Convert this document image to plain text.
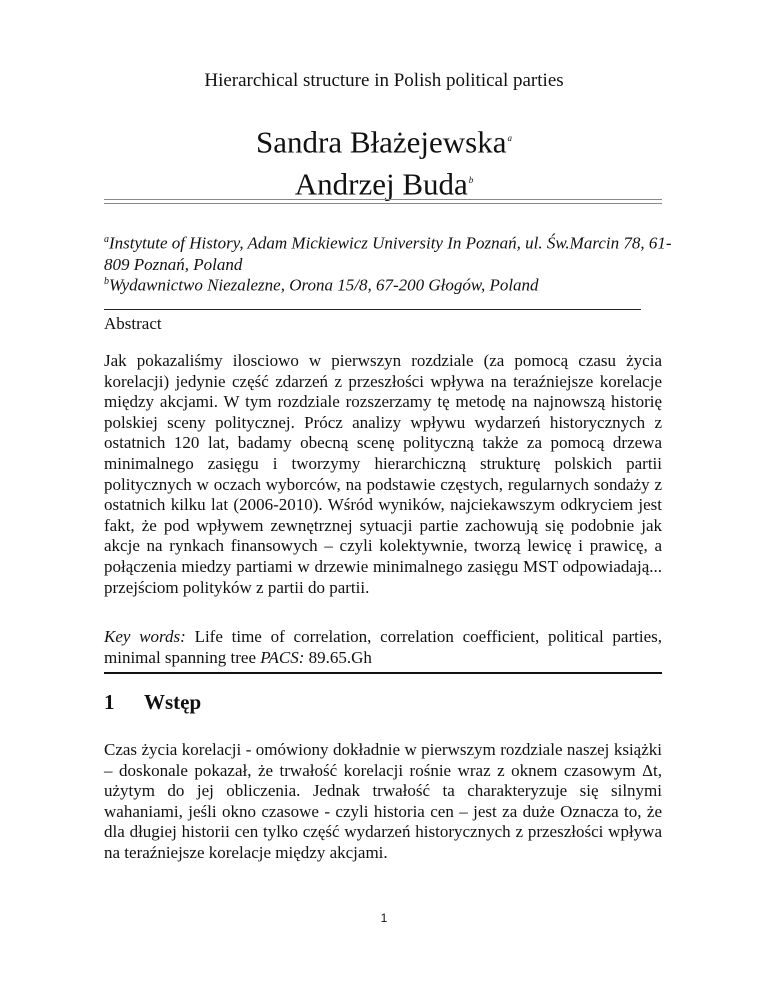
Hierarchical structure in Polish political parties
Sandra Błażejewska$^a$
Andrzej Buda$^b$
$^a$Instytute of History, Adam Mickiewicz University In Poznań, ul. Św.Marcin 78, 61-809 Poznań, Poland
$^b$Wydawnictwo Niezalezne, Orona 15/8, 67-200 Głogów, Poland
Abstract

Jak pokazaliśmy ilosciowo w pierwszyn rozdziale (za pomocą czasu życia korelacji) jedynie część zdarzeń z przeszłości wpływa na teraźniejsze korelacje między akcjami. W tym rozdziale rozszerzamy tę metodę na najnowszą historię polskiej sceny politycznej. Prócz analizy wpływu wydarzeń historycznych z ostatnich 120 lat, badamy obecną scenę polityczną także za pomocą drzewa minimalnego zasięgu i tworzymy hierarchiczną strukturę polskich partii politycznych w oczach wyborców, na podstawie częstych, regularnych sondaży z ostatnich kilku lat (2006-2010). Wśród wyników, najciekawszym odkryciem jest fakt, że pod wpływem zewnętrznej sytuacji partie zachowują się podobnie jak akcje na rynkach finansowych – czyli kolektywnie, tworzą lewicę i prawicę, a połączenia miedzy partiami w drzewie minimalnego zasięgu MST odpowiadają... przejściom polityków z partii do partii.

Key words: Life time of correlation, correlation coefficient, political parties, minimal spanning tree PACS: 89.65.Gh

1 Wstęp

Czas życia korelacji - omówiony dokładnie w pierwszym rozdziale naszej książki – doskonale pokazał, że trwałość korelacji rośnie wraz z oknem czasowym Δt, użytym do jej obliczenia. Jednak trwałość ta charakteryzuje się silnymi wahaniami, jeśli okno czasowe - czyli historia cen – jest za duże Oznacza to, że dla długiej historii cen tylko część wydarzeń historycznych z przeszłości wpływa na teraźniejsze korelacje między akcjami.

1
